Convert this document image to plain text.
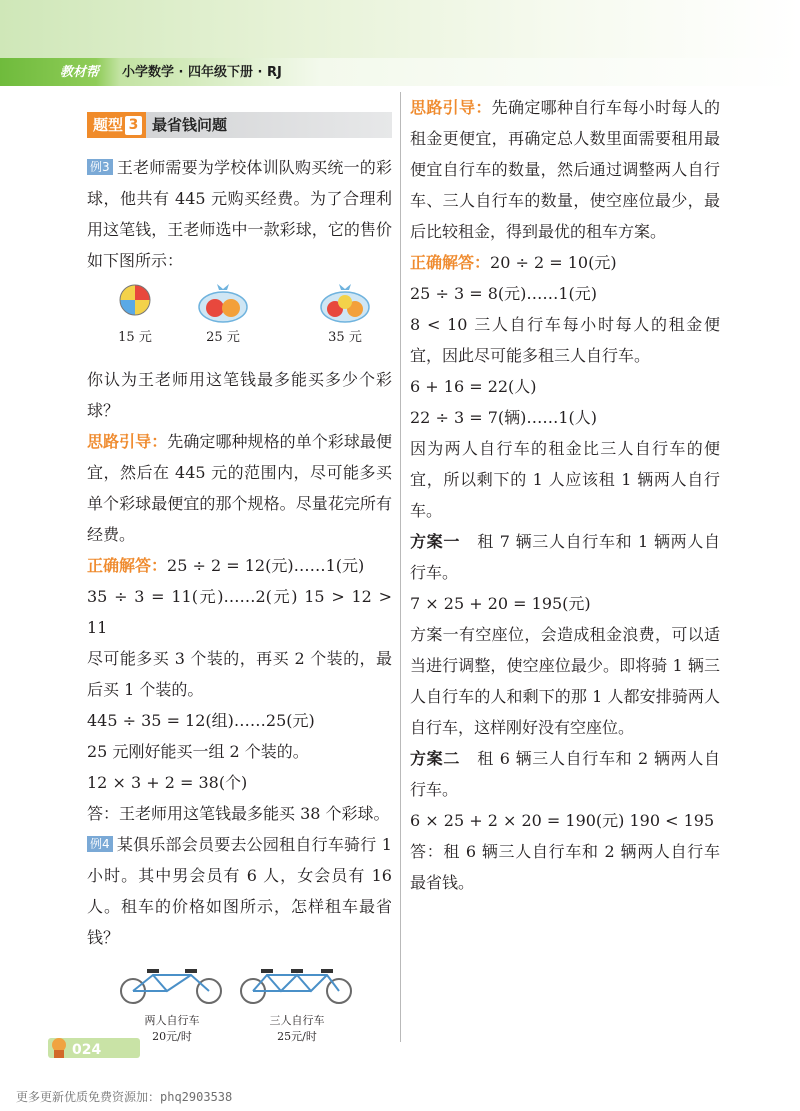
教材帮 小学数学 · 四年级下册 · RJ
题型 3 最省钱问题

例3 王老师需要为学校体训队购买统一的彩球，他共有 445 元购买经费。为了合理利用这笔钱，王老师选中一款彩球，它的售价如下图所示：

15 元	25 元	35 元

你认为王老师用这笔钱最多能买多少个彩球？

思路引导：先确定哪种规格的单个彩球最便宜，然后在 445 元的范围内，尽可能多买单个彩球最便宜的那个规格。尽量花完所有经费。

正确解答：25 ÷ 2 = 12(元)……1(元)

35 ÷ 3 = 11(元)……2(元) 15 > 12 > 11

尽可能多买 3 个装的，再买 2 个装的，最后买 1 个装的。

445 ÷ 35 = 12(组)……25(元)

25 元刚好能买一组 2 个装的。

12 × 3 + 2 = 38(个)

答：王老师用这笔钱最多能买 38 个彩球。

例4 某俱乐部会员要去公园租自行车骑行 1 小时。其中男会员有 6 人，女会员有 16 人。租车的价格如图所示，怎样租车最省钱？

两人自行车
20元/时
三人自行车
25元/时

思路引导：先确定哪种自行车每小时每人的租金更便宜，再确定总人数里面需要租用最便宜自行车的数量，然后通过调整两人自行车、三人自行车的数量，使空座位最少，最后比较租金，得到最优的租车方案。

正确解答：20 ÷ 2 = 10(元)

25 ÷ 3 = 8(元)……1(元)

8 < 10 三人自行车每小时每人的租金便宜，因此尽可能多租三人自行车。

6 + 16 = 22(人)

22 ÷ 3 = 7(辆)……1(人)

因为两人自行车的租金比三人自行车的便宜，所以剩下的 1 人应该租 1 辆两人自行车。

方案一 租 7 辆三人自行车和 1 辆两人自行车。

7 × 25 + 20 = 195(元)

方案一有空座位，会造成租金浪费，可以适当进行调整，使空座位最少。即将骑 1 辆三人自行车的人和剩下的那 1 人都安排骑两人自行车，这样刚好没有空座位。

方案二 租 6 辆三人自行车和 2 辆两人自行车。

6 × 25 + 2 × 20 = 190(元) 190 < 195

答：租 6 辆三人自行车和 2 辆两人自行车最省钱。

024
更多更新优质免费资源加：phq2903538
